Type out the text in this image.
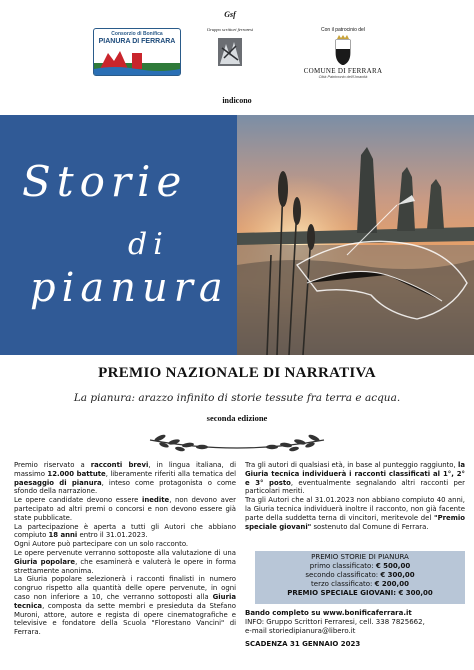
Consorzio di Bonifica
PIANURA DI FERRARA
Gsf
Gruppo scrittori ferraresi	Con il patrocinio del
COMUNE DI FERRARA
Città Patrimonio dell'Umanità
indicono
Storie
di
pianura
PREMIO NAZIONALE DI NARRATIVA
La pianura: arazzo infinito di storie tessute fra terra e acqua.
seconda edizione

Premio riservato a racconti brevi, in lingua italiana, di massimo 12.000 battute, liberamente riferiti alla tematica del paesaggio di pianura, inteso come protagonista o come sfondo della narrazione.

Le opere candidate devono essere inedite, non devono aver partecipato ad altri premi o concorsi e non devono essere già state pubblicate.

La partecipazione è aperta a tutti gli Autori che abbiano compiuto 18 anni entro il 31.01.2023.

Ogni Autore può partecipare con un solo racconto.

Le opere pervenute verranno sottoposte alla valutazione di una Giuria popolare, che esaminerà e valuterà le opere in forma strettamente anonima.

La Giuria popolare selezionerà i racconti finalisti in numero congruo rispetto alla quantità delle opere pervenute, in ogni caso non inferiore a 10, che verranno sottoposti alla Giuria tecnica, composta da sette membri e presieduta da Stefano Muroni, attore, autore e regista di opere cinematografiche e televisive e fondatore della Scuola "Florestano Vancini" di Ferrara.

Tra gli autori di qualsiasi età, in base al punteggio raggiunto, la Giuria tecnica individuerà i racconti classificati al 1°, 2° e 3° posto, eventualmente segnalando altri racconti per particolari meriti.

Tra gli Autori che al 31.01.2023 non abbiano compiuto 40 anni, la Giuria tecnica individuerà inoltre il racconto, non già facente parte della suddetta terna di vincitori, meritevole del "Premio speciale giovani" sostenuto dal Comune di Ferrara.

PREMIO STORIE DI PIANURA
primo classificato: € 500,00
secondo classificato: € 300,00
terzo classificato: € 200,00
PREMIO SPECIALE GIOVANI: € 300,00
Bando completo su www.bonificaferrara.it
INFO: Gruppo Scrittori Ferraresi, cell. 338 7825662,
e-mail storiedipianura@libero.it
SCADENZA 31 GENNAIO 2023
